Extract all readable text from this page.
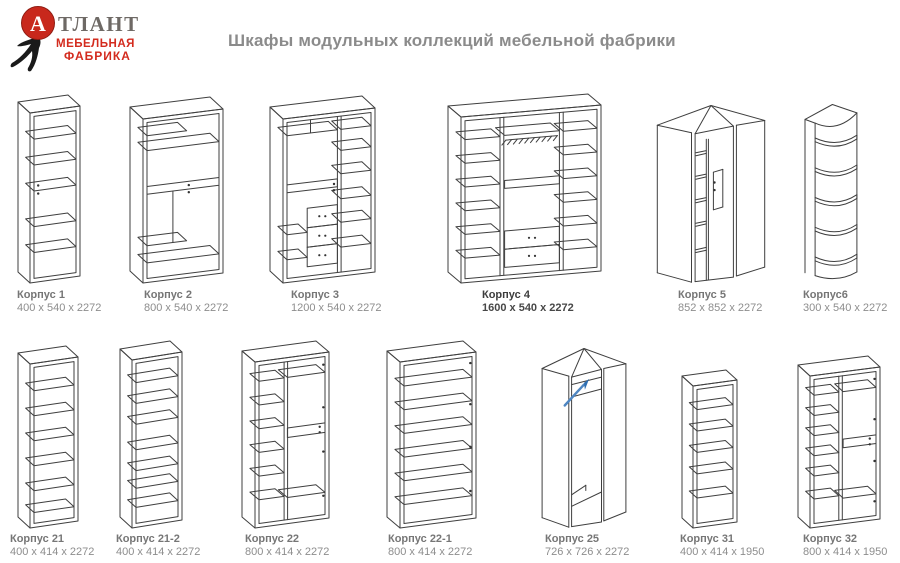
А ТЛАНТ
МЕБЕЛЬНАЯ
ФАБРИКА
Шкафы модульных коллекций мебельной фабрики
Корпус 1
400 x 540 x 2272
Корпус 2
800 x 540 x 2272
Корпус 3
1200 x 540 x 2272
Корпус 4
1600 x 540 x 2272
Корпус 5
852 x 852 x 2272
Корпус6
300 x 540 x 2272
Корпус 21
400 x 414 x 2272
Корпус 21-2
400 x 414 x 2272
Корпус 22
800 x 414 x 2272
Корпус 22-1
800 x 414 x 2272
Корпус 25
726 x 726 x 2272
Корпус 31
400 x 414 x 1950
Корпус 32
800 x 414 x 1950
